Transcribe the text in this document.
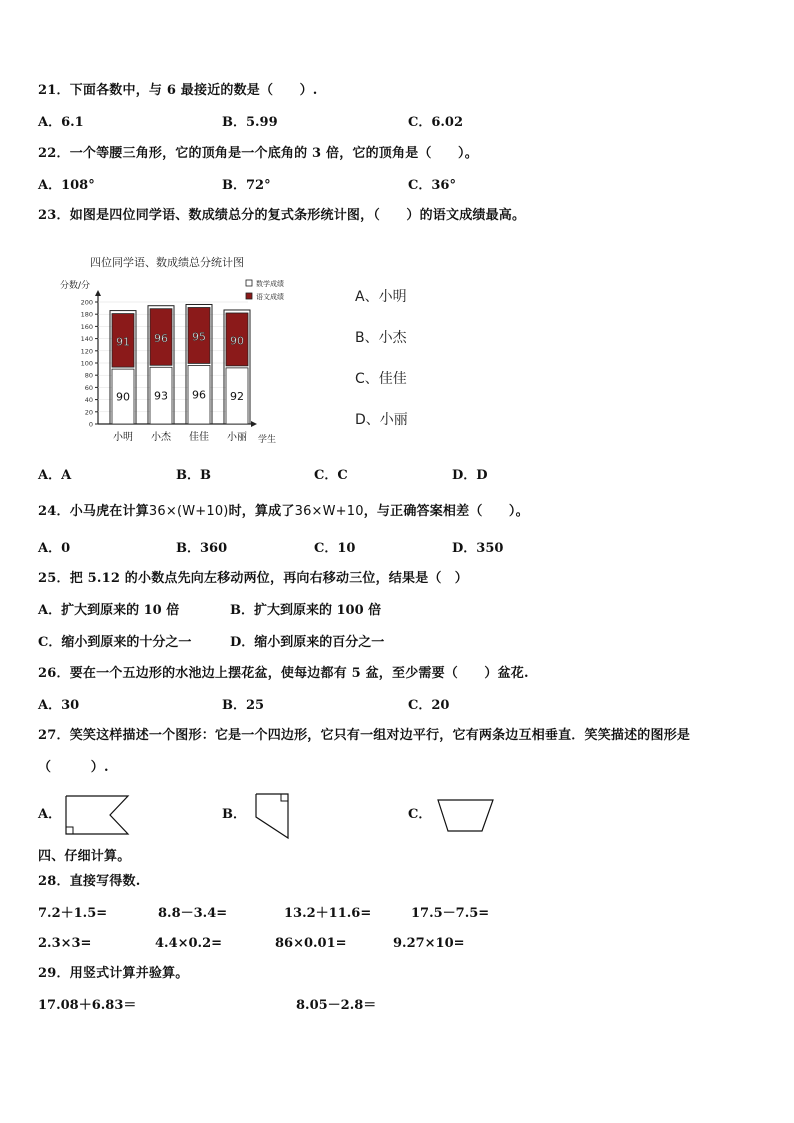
21．下面各数中，与 6 最接近的数是（　　）.
A．6.1	B．5.99	C．6.02
22．一个等腰三角形，它的顶角是一个底角的 3 倍，它的顶角是（　　）。
A．108°	B．72°	C．36°
23．如图是四位同学语、数成绩总分的复式条形统计图，（　　）的语文成绩最高。
四位同学语、数成绩总分统计图
分数/分
学生
0
20
40
60
80
100
120
140
160
180
200
91
90
小明
96
93
小杰
95
96
佳佳
90
92
小丽
数学成绩
语文成绩	A、小明
B、小杰
C、佳佳
D、小丽
A．A	B．B	C．C	D．D
24．小马虎在计算36×(W+10)时，算成了36×W+10，与正确答案相差（　　）。
A．0	B．360	C．10	D．350
25．把 5.12 的小数点先向左移动两位，再向右移动三位，结果是（　）
A．扩大到原来的 10 倍	B．扩大到原来的 100 倍
C．缩小到原来的十分之一	D．缩小到原来的百分之一
26．要在一个五边形的水池边上摆花盆，使每边都有 5 盆，至少需要（　　）盆花.
A．30	B．25	C．20
27．笑笑这样描述一个图形：它是一个四边形，它只有一组对边平行，它有两条边互相垂直．笑笑描述的图形是
（　　　）.
A．	B．	C．
四、仔细计算。
28．直接写得数.
7.2＋1.5=	8.8－3.4=	13.2＋11.6=	17.5－7.5=
2.3×3=	4.4×0.2=	86×0.01=	9.27×10=
29．用竖式计算并验算。
17.08＋6.83＝	8.05－2.8＝
